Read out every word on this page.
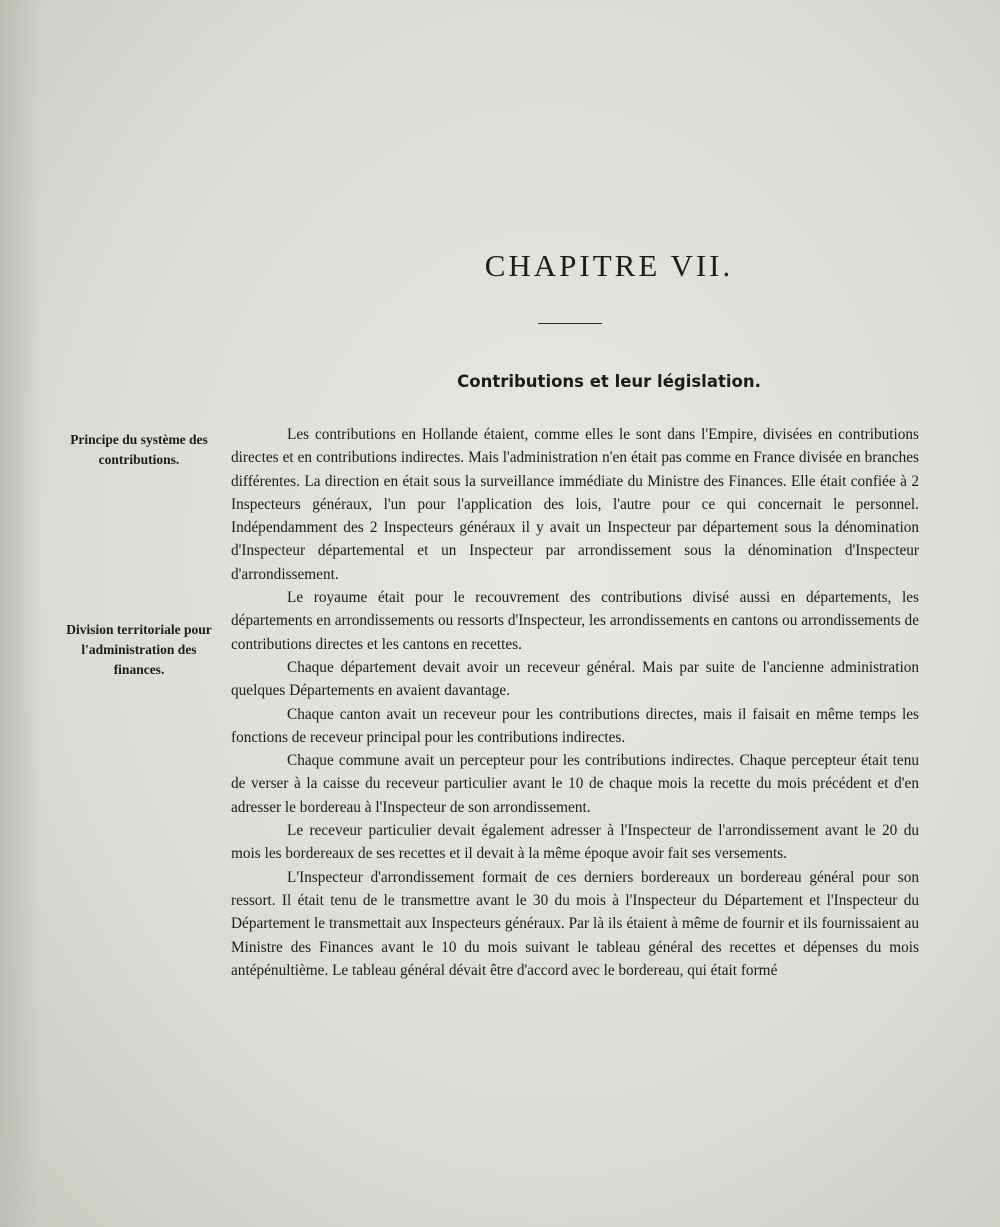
CHAPITRE VII.
Contributions et leur législation.
Principe du système des contributions.
Division territoriale pour l'administration des finances.

Les contributions en Hollande étaient, comme elles le sont dans l'Empire, divisées en contributions directes et en contributions indirectes. Mais l'administration n'en était pas comme en France divisée en branches différentes. La direction en était sous la surveillance immédiate du Ministre des Finances. Elle était confiée à 2 Inspecteurs généraux, l'un pour l'application des lois, l'autre pour ce qui concernait le personnel. Indépendamment des 2 Inspecteurs généraux il y avait un Inspecteur par département sous la dénomination d'Inspecteur départemental et un Inspecteur par arrondissement sous la dénomination d'Inspecteur d'arrondissement.

Le royaume était pour le recouvrement des contributions divisé aussi en départements, les départements en arrondissements ou ressorts d'Inspecteur, les arrondissements en cantons ou arrondissements de contributions directes et les cantons en recettes.

Chaque département devait avoir un receveur général. Mais par suite de l'ancienne administration quelques Départements en avaient davantage.

Chaque canton avait un receveur pour les contributions directes, mais il faisait en même temps les fonctions de receveur principal pour les contributions indirectes.

Chaque commune avait un percepteur pour les contributions indirectes. Chaque percepteur était tenu de verser à la caisse du receveur particulier avant le 10 de chaque mois la recette du mois précédent et d'en adresser le bordereau à l'Inspecteur de son arrondissement.

Le receveur particulier devait également adresser à l'Inspecteur de l'arrondissement avant le 20 du mois les bordereaux de ses recettes et il devait à la même époque avoir fait ses versements.

L'Inspecteur d'arrondissement formait de ces derniers bordereaux un bordereau général pour son ressort. Il était tenu de le transmettre avant le 30 du mois à l'Inspecteur du Département et l'Inspecteur du Département le transmettait aux Inspecteurs généraux. Par là ils étaient à même de fournir et ils fournissaient au Ministre des Finances avant le 10 du mois suivant le tableau général des recettes et dépenses du mois antépénultième. Le tableau général dévait être d'accord avec le bordereau, qui était formé
